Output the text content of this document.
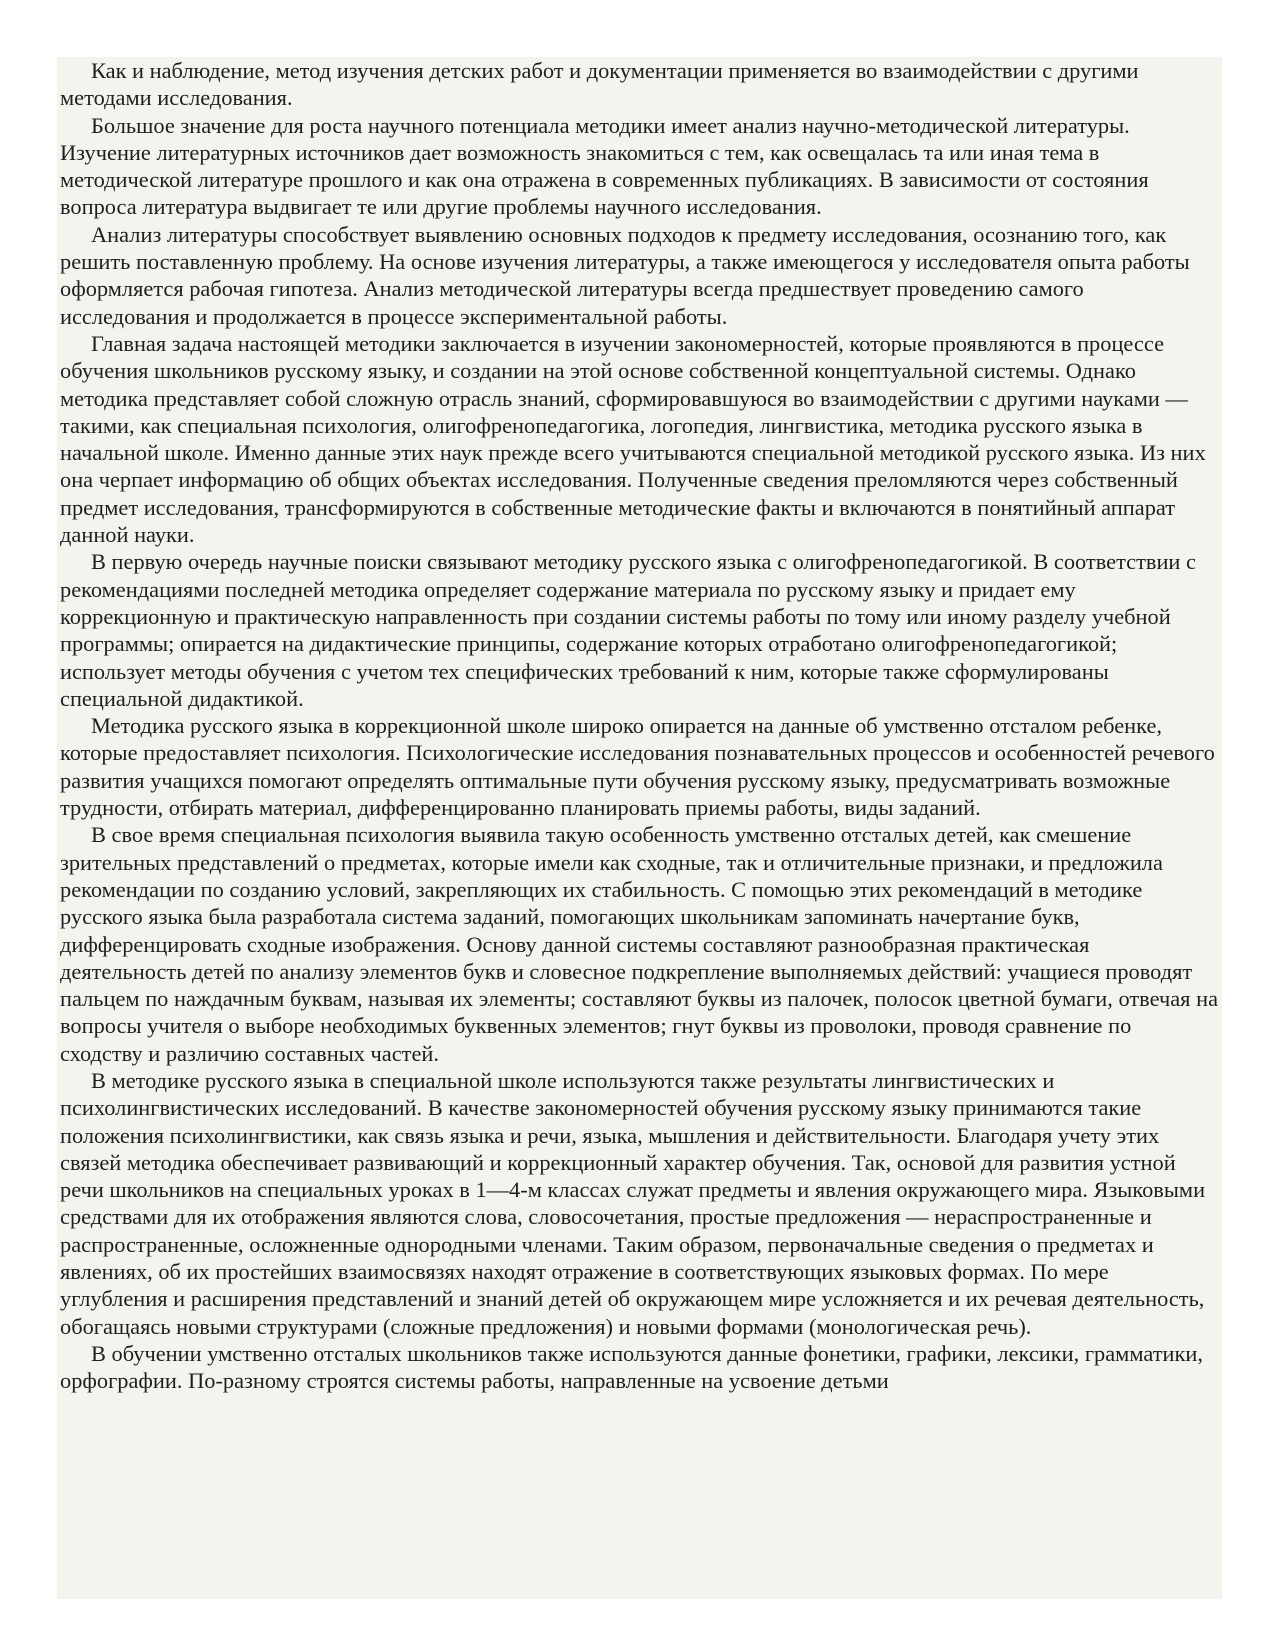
Как и наблюдение, метод изучения детских работ и документации применяется во взаимодействии с другими методами исследования.

Большое значение для роста научного потенциала методики имеет анализ научно-методической литературы. Изучение литературных источников дает возможность знакомиться с тем, как освещалась та или иная тема в методической литературе прошлого и как она отражена в современных публикациях. В зависимости от состояния вопроса литература выдвигает те или другие проблемы научного исследования.

Анализ литературы способствует выявлению основных подходов к предмету исследования, осознанию того, как решить поставленную проблему. На основе изучения литературы, а также имеющегося у исследователя опыта работы оформляется рабочая гипотеза. Анализ методической литературы всегда предшествует проведению самого исследования и продолжается в процессе экспериментальной работы.

Главная задача настоящей методики заключается в изучении закономерностей, которые проявляются в процессе обучения школьников русскому языку, и создании на этой основе собственной концептуальной системы. Однако методика представляет собой сложную отрасль знаний, сформировавшуюся во взаимодействии с другими науками — такими, как специальная психология, олигофренопедагогика, логопедия, лингвистика, методика русского языка в начальной школе. Именно данные этих наук прежде всего учитываются специальной методикой русского языка. Из них она черпает информацию об общих объектах исследования. Полученные сведения преломляются через собственный предмет исследования, трансформируются в собственные методические факты и включаются в понятийный аппарат данной науки.

В первую очередь научные поиски связывают методику русского языка с олигофренопедагогикой. В соответствии с рекомендациями последней методика определяет содержание материала по русскому языку и придает ему коррекционную и практическую направленность при создании системы работы по тому или иному разделу учебной программы; опирается на дидактические принципы, содержание которых отработано олигофренопедагогикой; использует методы обучения с учетом тех специфических требований к ним, которые также сформулированы специальной дидактикой.

Методика русского языка в коррекционной школе широко опирается на данные об умственно отсталом ребенке, которые предоставляет психология. Психологические исследования познавательных процессов и особенностей речевого развития учащихся помогают определять оптимальные пути обучения русскому языку, предусматривать возможные трудности, отбирать материал, дифференцированно планировать приемы работы, виды заданий.

В свое время специальная психология выявила такую особенность умственно отсталых детей, как смешение зрительных представлений о предметах, которые имели как сходные, так и отличительные признаки, и предложила рекомендации по созданию условий, закрепляющих их стабильность. С помощью этих рекомендаций в методике русского языка была разработала система заданий, помогающих школьникам запоминать начертание букв, дифференцировать сходные изображения. Основу данной системы составляют разнообразная практическая деятельность детей по анализу элементов букв и словесное подкрепление выполняемых действий: учащиеся проводят пальцем по наждачным буквам, называя их элементы; составляют буквы из палочек, полосок цветной бумаги, отвечая на вопросы учителя о выборе необходимых буквенных элементов; гнут буквы из проволоки, проводя сравнение по сходству и различию составных частей.

В методике русского языка в специальной школе используются также результаты лингвистических и психолингвистических исследований. В качестве закономерностей обучения русскому языку принимаются такие положения психолингвистики, как связь языка и речи, языка, мышления и действительности. Благодаря учету этих связей методика обеспечивает развивающий и коррекционный характер обучения. Так, основой для развития устной речи школьников на специальных уроках в 1—4-м классах служат предметы и явления окружающего мира. Языковыми средствами для их отображения являются слова, словосочетания, простые предложения — нераспространенные и распространенные, осложненные однородными членами. Таким образом, первоначальные сведения о предметах и явлениях, об их простейших взаимосвязях находят отражение в соответствующих языковых формах. По мере углубления и расширения представлений и знаний детей об окружающем мире усложняется и их речевая деятельность, обогащаясь новыми структурами (сложные предложения) и новыми формами (монологическая речь).

В обучении умственно отсталых школьников также используются данные фонетики, графики, лексики, грамматики, орфографии. По-разному строятся системы работы, направленные на усвоение детьми
